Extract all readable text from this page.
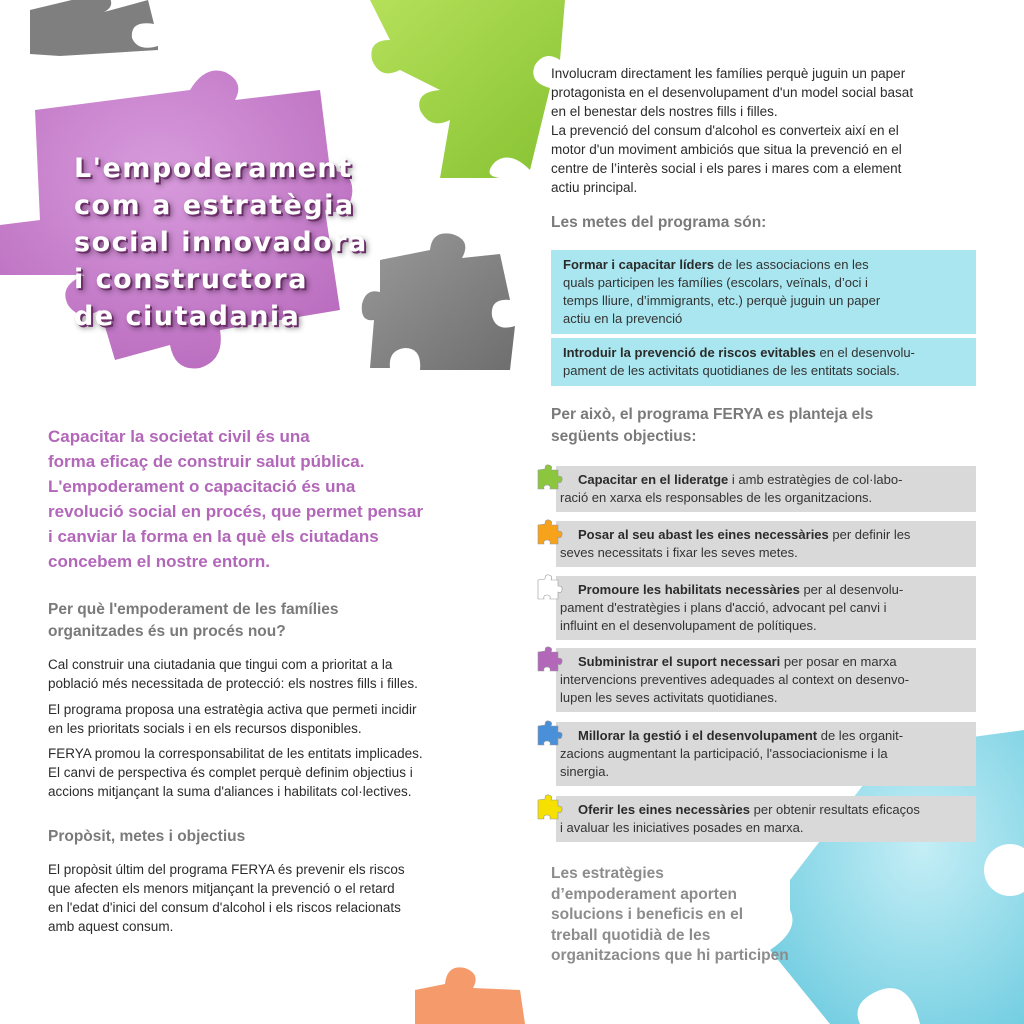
L'empoderament
com a estratègia
social innovadora
i constructora
de ciutadania

Capacitar la societat civil és una
forma eficaç de construir salut pública.
L'empoderament o capacitació és una
revolució social en procés, que permet pensar
i canviar la forma en la què els ciutadans
concebem el nostre entorn.

Per què l'empoderament de les famílies
organitzades és un procés nou?

Cal construir una ciutadania que tingui com a prioritat a la
població més necessitada de protecció: els nostres fills i filles.

El programa proposa una estratègia activa que permeti incidir
en les prioritats socials i en els recursos disponibles.

FERYA promou la corresponsabilitat de les entitats implicades.
El canvi de perspectiva és complet perquè definim objectius i
accions mitjançant la suma d'aliances i habilitats col·lectives.

Propòsit, metes i objectius

El propòsit últim del programa FERYA és prevenir els riscos
que afecten els menors mitjançant la prevenció o el retard
en l'edat d'inici del consum d'alcohol i els riscos relacionats
amb aquest consum.

Involucram directament les famílies perquè juguin un paper
protagonista en el desenvolupament d'un model social basat
en el benestar dels nostres fills i filles.

La prevenció del consum d'alcohol es converteix així en el
motor d'un moviment ambiciós que situa la prevenció en el
centre de l’interès social i els pares i mares com a element
actiu principal.

Les metes del programa són:
Formar i capacitar líders de les associacions en les
quals participen les famílies (escolars, veïnals, d’oci i
temps lliure, d’immigrants, etc.) perquè juguin un paper
actiu en la prevenció
Introduir la prevenció de riscos evitables en el desenvolu-
pament de les activitats quotidianes de les entitats socials.
Per això, el programa FERYA es planteja els
següents objectius:
Capacitar en el lideratge i amb estratègies de col·labo-
ració en xarxa els responsables de les organitzacions.
Posar al seu abast les eines necessàries per definir les
seves necessitats i fixar les seves metes.
Promoure les habilitats necessàries per al desenvolu-
pament d'estratègies i plans d'acció, advocant pel canvi i
influint en el desenvolupament de polítiques.
Subministrar el suport necessari per posar en marxa
intervencions preventives adequades al context on desenvo-
lupen les seves activitats quotidianes.
Millorar la gestió i el desenvolupament de les organit-
zacions augmentant la participació, l'associacionisme i la
sinergia.
Oferir les eines necessàries per obtenir resultats eficaços
i avaluar les iniciatives posades en marxa.

Les estratègies
d’empoderament aporten
solucions i beneficis en el
treball quotidià de les
organitzacions que hi participen
